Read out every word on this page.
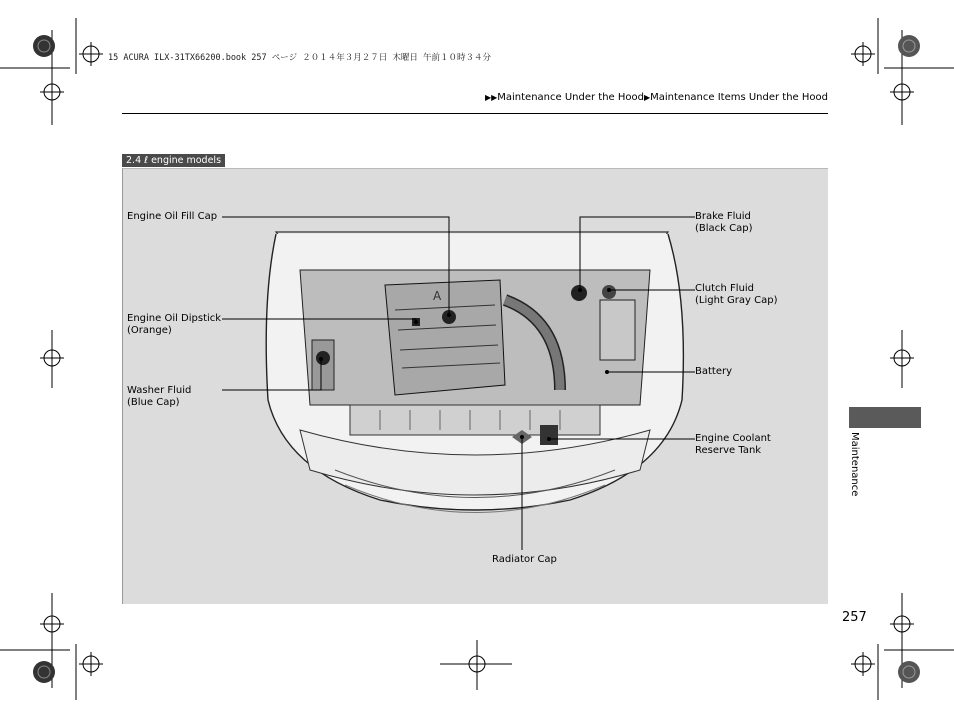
15 ACURA ILX-31TX66200.book 257 ページ ２０１４年３月２７日 木曜日 午前１０時３４分
▶▶Maintenance Under the Hood▶Maintenance Items Under the Hood
2.4 ℓ engine models
A
Engine Oil Fill Cap
Engine Oil Dipstick
(Orange)
Washer Fluid
(Blue Cap)
Brake Fluid
(Black Cap)
Clutch Fluid
(Light Gray Cap)
Battery
Engine Coolant
Reserve Tank
Radiator Cap
Maintenance
257
